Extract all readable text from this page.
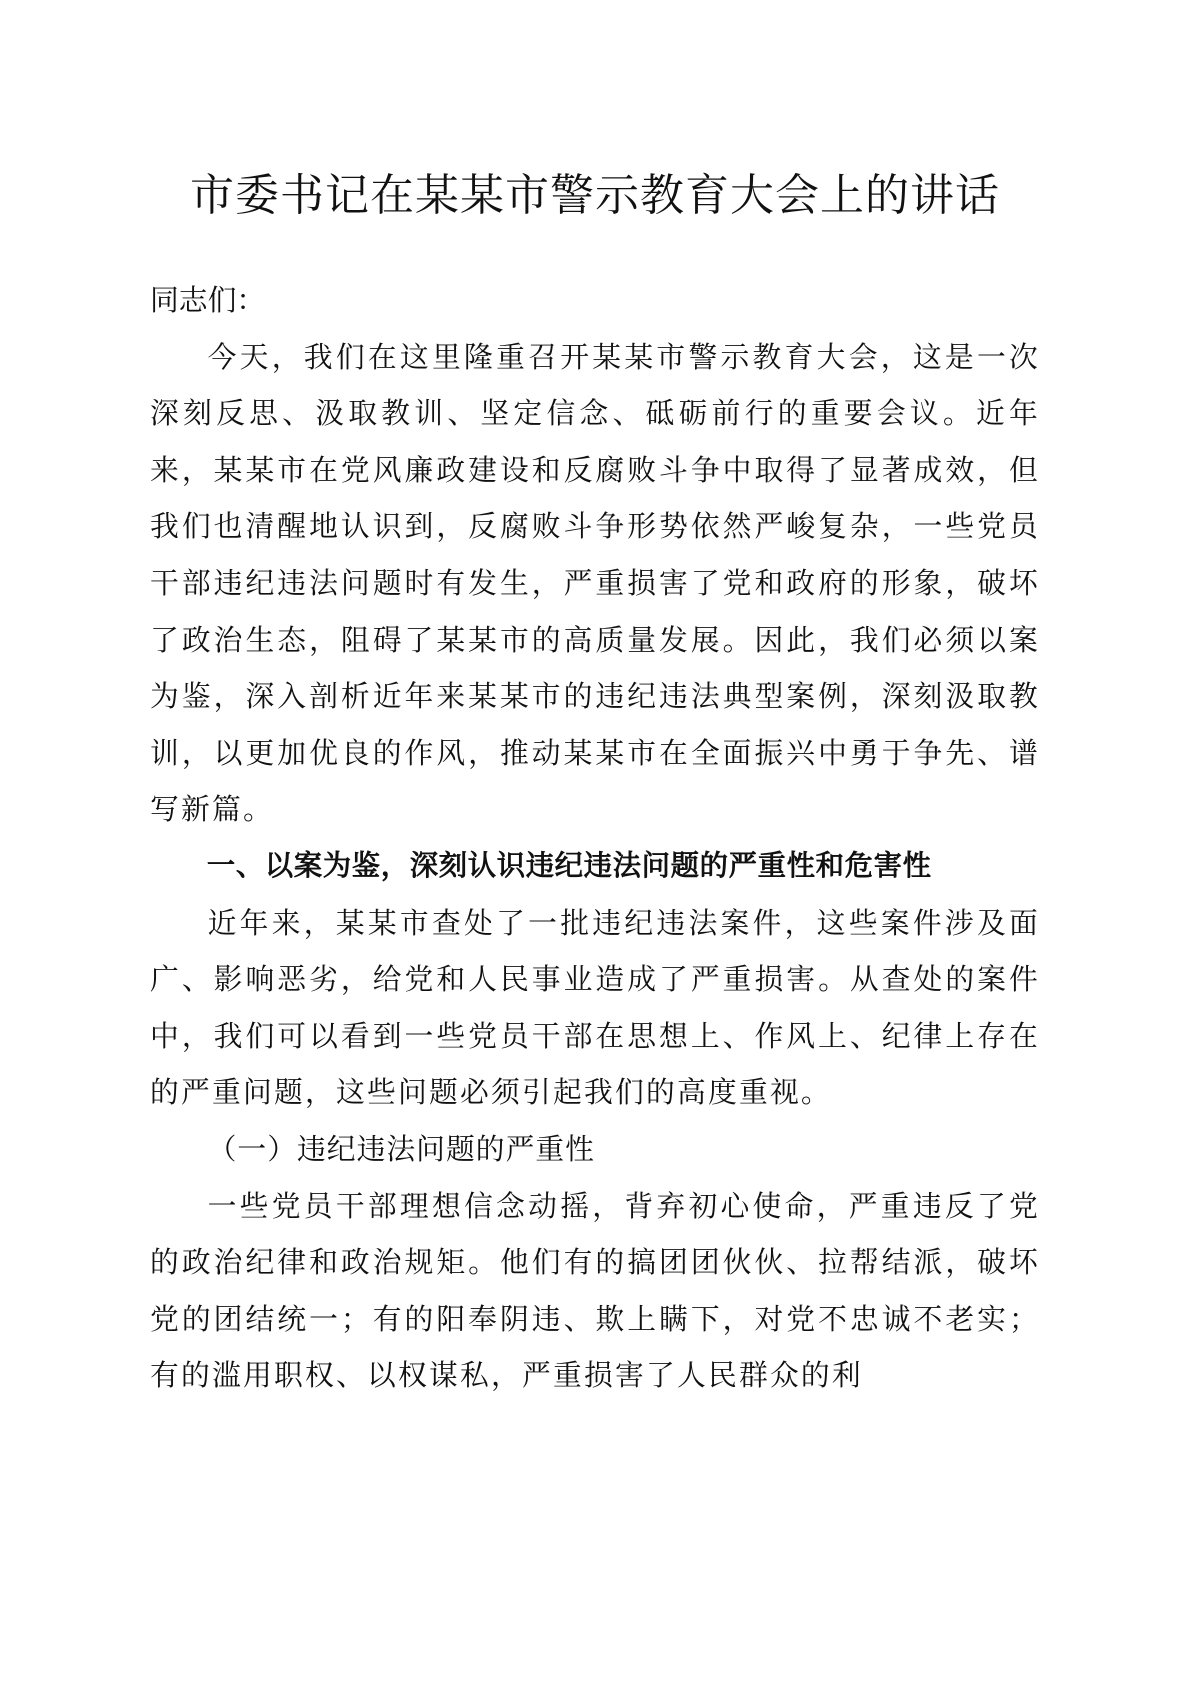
市委书记在某某市警示教育大会上的讲话

同志们：

今天，我们在这里隆重召开某某市警示教育大会，这是一次深刻反思、汲取教训、坚定信念、砥砺前行的重要会议。近年来，某某市在党风廉政建设和反腐败斗争中取得了显著成效，但我们也清醒地认识到，反腐败斗争形势依然严峻复杂，一些党员干部违纪违法问题时有发生，严重损害了党和政府的形象，破坏了政治生态，阻碍了某某市的高质量发展。因此，我们必须以案为鉴，深入剖析近年来某某市的违纪违法典型案例，深刻汲取教训，以更加优良的作风，推动某某市在全面振兴中勇于争先、谱写新篇。

一、以案为鉴，深刻认识违纪违法问题的严重性和危害性

近年来，某某市查处了一批违纪违法案件，这些案件涉及面广、影响恶劣，给党和人民事业造成了严重损害。从查处的案件中，我们可以看到一些党员干部在思想上、作风上、纪律上存在的严重问题，这些问题必须引起我们的高度重视。

（一）违纪违法问题的严重性

一些党员干部理想信念动摇，背弃初心使命，严重违反了党的政治纪律和政治规矩。他们有的搞团团伙伙、拉帮结派，破坏党的团结统一；有的阳奉阴违、欺上瞒下，对党不忠诚不老实；有的滥用职权、以权谋私，严重损害了人民群众的利
